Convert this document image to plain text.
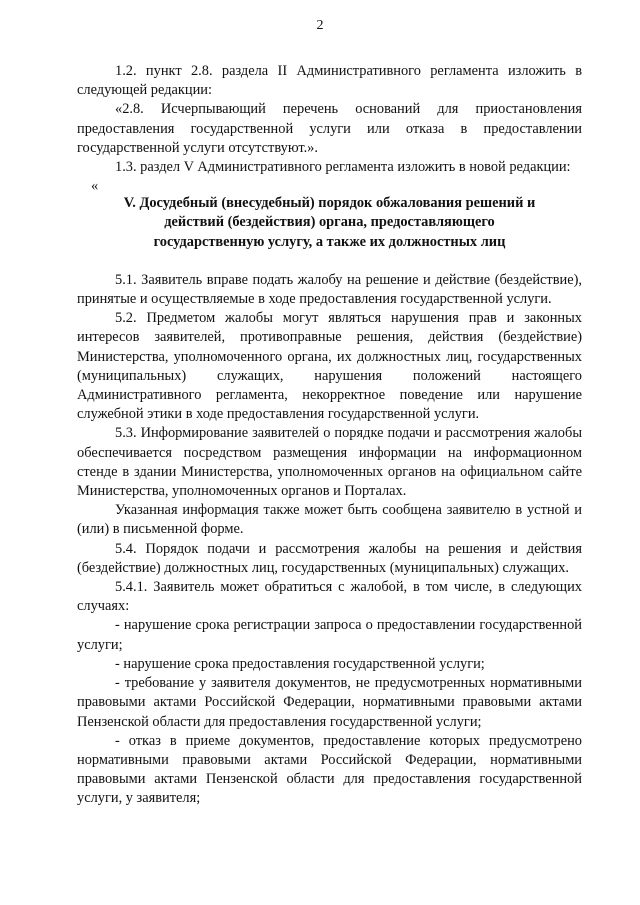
2

1.2. пункт 2.8. раздела II Административного регламента изложить в следующей редакции:

«2.8. Исчерпывающий перечень оснований для приостановления предоставления государственной услуги или отказа в предоставлении государственной услуги отсутствуют.».

1.3. раздел V Административного регламента изложить в новой редакции:

«

V. Досудебный (внесудебный) порядок обжалования решений и
действий (бездействия) органа, предоставляющего
государственную услугу, а также их должностных лиц

5.1. Заявитель вправе подать жалобу на решение и действие (бездействие), принятые и осуществляемые в ходе предоставления государственной услуги.

5.2. Предметом жалобы могут являться нарушения прав и законных интересов заявителей, противоправные решения, действия (бездействие) Министерства, уполномоченного органа, их должностных лиц, государственных (муниципальных) служащих, нарушения положений настоящего Административного регламента, некорректное поведение или нарушение служебной этики в ходе предоставления государственной услуги.

5.3. Информирование заявителей о порядке подачи и рассмотрения жалобы обеспечивается посредством размещения информации на информационном стенде в здании Министерства, уполномоченных органов на официальном сайте Министерства, уполномоченных органов и Порталах.

Указанная информация также может быть сообщена заявителю в устной и (или) в письменной форме.

5.4. Порядок подачи и рассмотрения жалобы на решения и действия (бездействие) должностных лиц, государственных (муниципальных) служащих.

5.4.1. Заявитель может обратиться с жалобой, в том числе, в следующих случаях:

- нарушение срока регистрации запроса о предоставлении государственной услуги;

- нарушение срока предоставления государственной услуги;

- требование у заявителя документов, не предусмотренных нормативными правовыми актами Российской Федерации, нормативными правовыми актами Пензенской области для предоставления государственной услуги;

- отказ в приеме документов, предоставление которых предусмотрено нормативными правовыми актами Российской Федерации, нормативными правовыми актами Пензенской области для предоставления государственной услуги, у заявителя;
